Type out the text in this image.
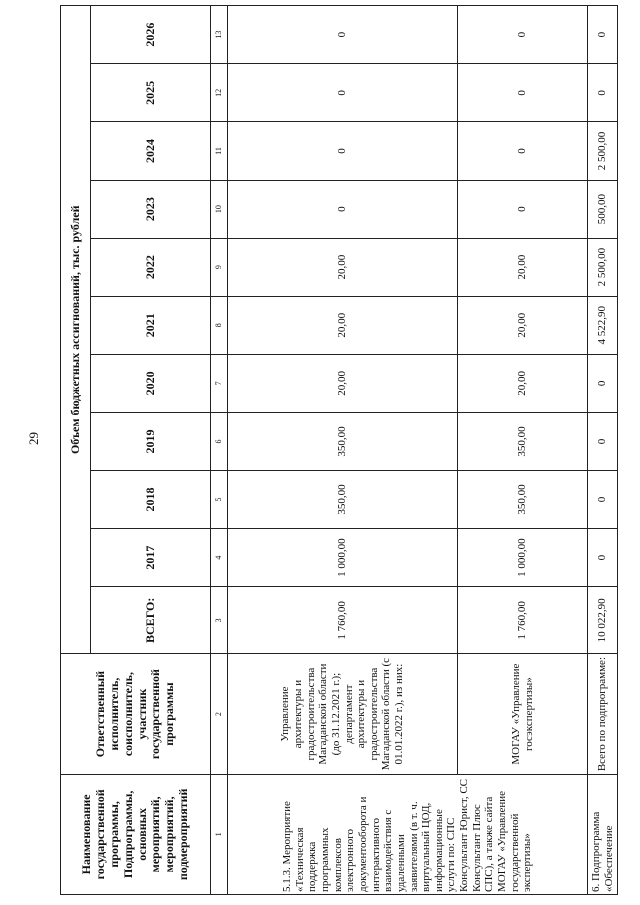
29
Наименование государственной программы, Подпрограммы, основных мероприятий, мероприятий, подмероприятий	Ответственный исполнитель, соисполнитель, участник государственной программы	Объем бюджетных ассигнований, тыс. рублей										
		ВСЕГО:	2017	2018	2019	2020	2021	2022	2023	2024	2025	2026
1	2	3	4	5	6	7	8	9	10	11	12	13
5.1.3. Мероприятие «Техническая поддержка программных комплексов электронного документооборота и интерактивного взаимодействия с удаленными заявителями (в т. ч. виртуальный ЦОД, информационные услуги по: СПС Консультант Юрист, СС Консультант Плюс СПС), а также сайта МОГАУ «Управление государственной экспертизы»	Управление архитектуры и градостроительства Магаданской области (до 31.12.2021 г.); департамент архитектуры и градостроительства Магаданской области (с 01.01.2022 г.), из них:	1 760,00	1 000,00	350,00	350,00	20,00	20,00	20,00	0	0	0	0
	МОГАУ «Управление госэкспертизы»	1 760,00	1 000,00	350,00	350,00	20,00	20,00	20,00	0	0	0	0
6. Подпрограмма «Обеспечение	Всего по подпрограмме:	10 022,90	0	0	0	0	4 522,90	2 500,00	500,00	2 500,00	0	0
